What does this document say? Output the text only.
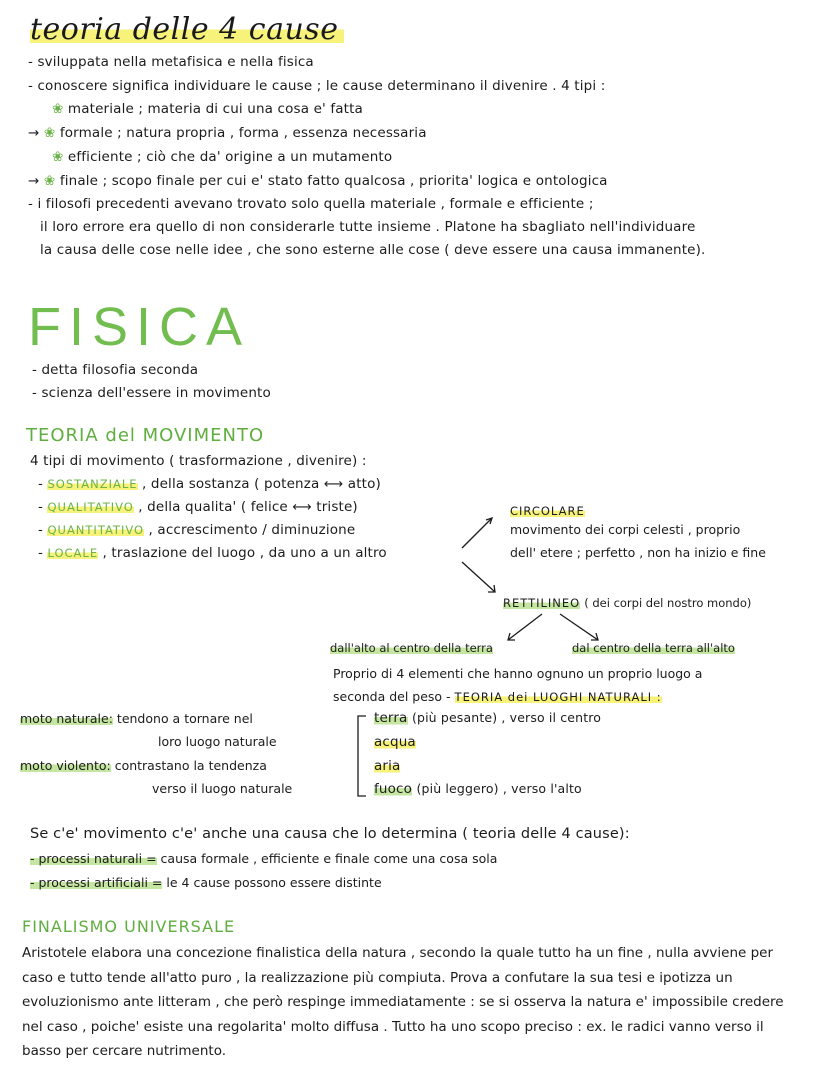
teoria delle 4 cause
- sviluppata nella metafisica e nella fisica
- conoscere significa individuare le cause ; le cause determinano il divenire . 4 tipi :
❀ materiale ; materia di cui una cosa e' fatta
→ ❀ formale ; natura propria , forma , essenza necessaria
❀ efficiente ; ciò che da' origine a un mutamento
→ ❀ finale ; scopo finale per cui e' stato fatto qualcosa , priorita' logica e ontologica
- i filosofi precedenti avevano trovato solo quella materiale , formale e efficiente ;
il loro errore era quello di non considerarle tutte insieme . Platone ha sbagliato nell'individuare
la causa delle cose nelle idee , che sono esterne alle cose ( deve essere una causa immanente).
FISICA
- detta filosofia seconda
- scienza dell'essere in movimento
TEORIA del MOVIMENTO
4 tipi di movimento ( trasformazione , divenire) :
- SOSTANZIALE , della sostanza ( potenza ⟷ atto)
- QUALITATIVO , della qualita' ( felice ⟷ triste)
- QUANTITATIVO , accrescimento / diminuzione
- LOCALE , traslazione del luogo , da uno a un altro
CIRCOLARE
movimento dei corpi celesti , proprio
dell' etere ; perfetto , non ha inizio e fine
RETTILINEO ( dei corpi del nostro mondo)
dall'alto al centro della terra	dal centro della terra all'alto
Proprio di 4 elementi che hanno ognuno un proprio luogo a
seconda del peso - TEORIA dei LUOGHI NATURALI :
moto naturale: tendono a tornare nel
loro luogo naturale
moto violento: contrastano la tendenza
verso il luogo naturale
terra (più pesante) , verso il centro
acqua
aria
fuoco (più leggero) , verso l'alto
Se c'e' movimento c'e' anche una causa che lo determina ( teoria delle 4 cause):
- processi naturali = causa formale , efficiente e finale come una cosa sola
- processi artificiali = le 4 cause possono essere distinte
FINALISMO UNIVERSALE
Aristotele elabora una concezione finalistica della natura , secondo la quale tutto ha un fine , nulla avviene per caso e tutto tende all'atto puro , la realizzazione più compiuta. Prova a confutare la sua tesi e ipotizza un evoluzionismo ante litteram , che però respinge immediatamente : se si osserva la natura e' impossibile credere nel caso , poiche' esiste una regolarita' molto diffusa . Tutto ha uno scopo preciso : ex. le radici vanno verso il basso per cercare nutrimento.
